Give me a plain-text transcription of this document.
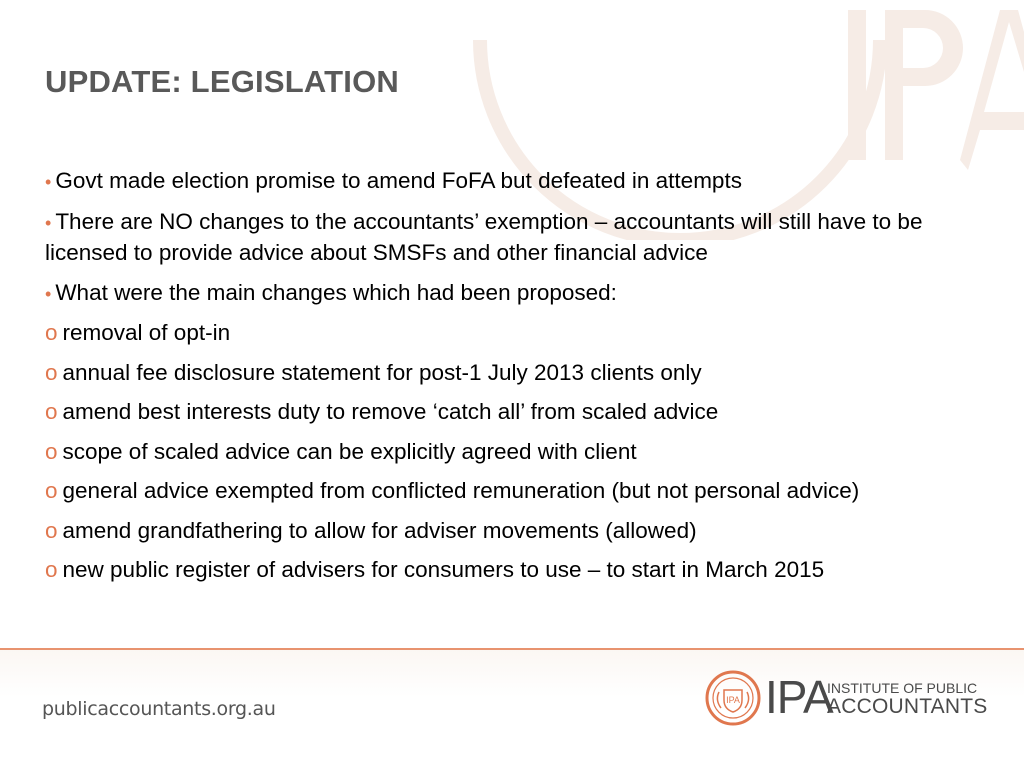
UPDATE: LEGISLATION
• Govt made election promise to amend FoFA but defeated in attempts
• There are NO changes to the accountants’ exemption – accountants will still have to be licensed to provide advice about SMSFs and other financial advice
• What were the main changes which had been proposed:
o removal of opt-in
o annual fee disclosure statement for post-1 July 2013 clients only
o amend best interests duty to remove ‘catch all’ from scaled advice
o scope of scaled advice can be explicitly agreed with client
o general advice exempted from conflicted remuneration (but not personal advice)
o amend grandfathering to allow for adviser movements (allowed)
o new public register of advisers for consumers to use – to start in March 2015
publicaccountants.org.au	IPA IPA
INSTITUTE OF PUBLIC
ACCOUNTANTS
